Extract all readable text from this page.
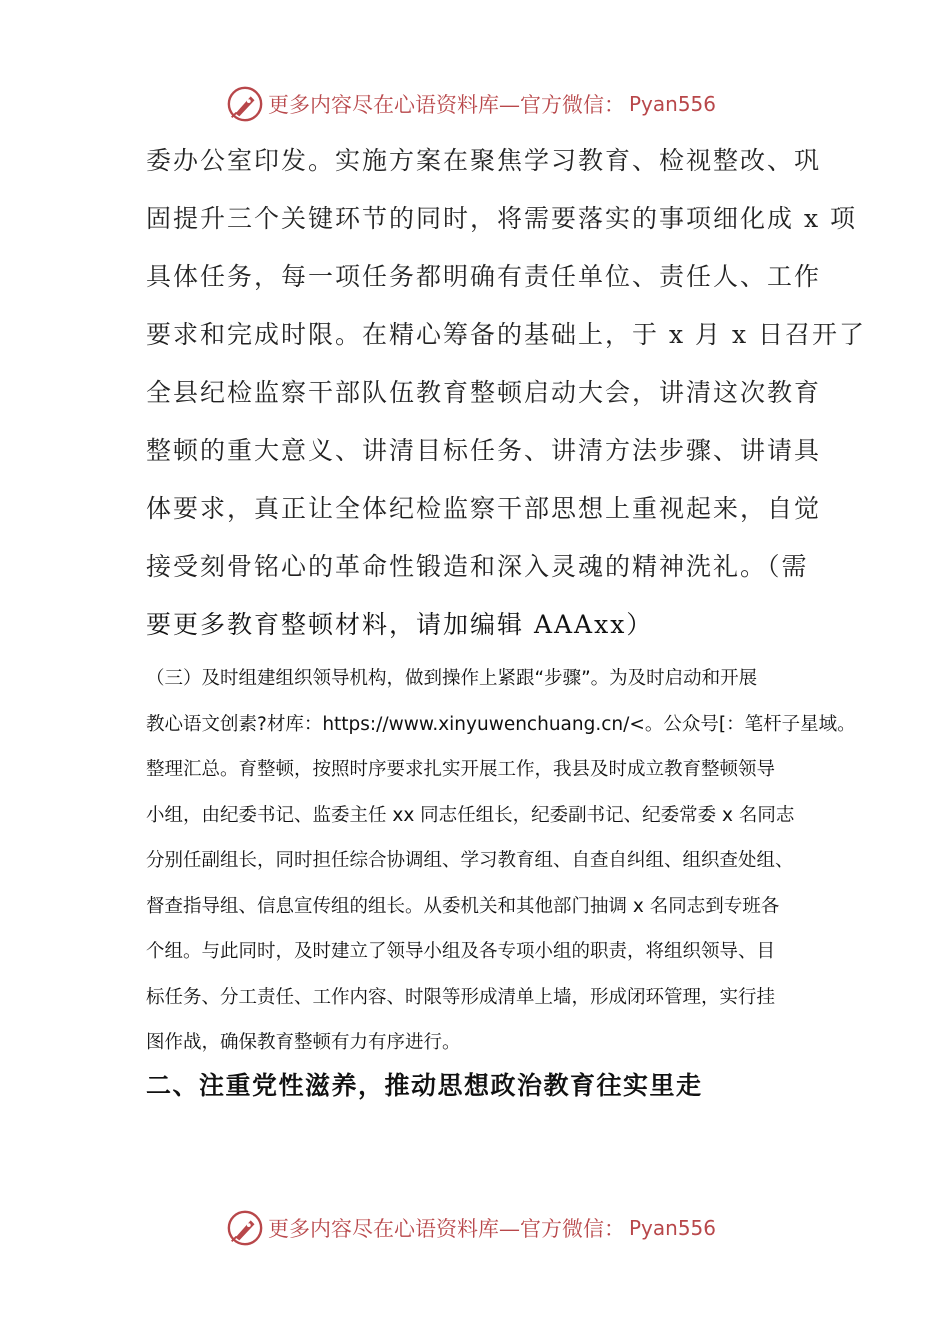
更多内容尽在心语资料库—官方微信： Pyan556
委办公室印发。实施方案在聚焦学习教育、检视整改、巩
固提升三个关键环节的同时，将需要落实的事项细化成 x 项
具体任务，每一项任务都明确有责任单位、责任人、工作
要求和完成时限。在精心筹备的基础上，于 x 月 x 日召开了
全县纪检监察干部队伍教育整顿启动大会，讲清这次教育
整顿的重大意义、讲清目标任务、讲清方法步骤、讲请具
体要求，真正让全体纪检监察干部思想上重视起来，自觉
接受刻骨铭心的革命性锻造和深入灵魂的精神洗礼。（需
要更多教育整顿材料，请加编辑 AAAxx）
（三）及时组建组织领导机构，做到操作上紧跟“步骤”。为及时启动和开展
教心语文创素?材库：https://www.xinyuwenchuang.cn/<。公众号[：笔杆子星域。
整理汇总。育整顿，按照时序要求扎实开展工作，我县及时成立教育整顿领导
小组，由纪委书记、监委主任 xx 同志任组长，纪委副书记、纪委常委 x 名同志
分别任副组长，同时担任综合协调组、学习教育组、自查自纠组、组织查处组、
督查指导组、信息宣传组的组长。从委机关和其他部门抽调 x 名同志到专班各
个组。与此同时，及时建立了领导小组及各专项小组的职责，将组织领导、目
标任务、分工责任、工作内容、时限等形成清单上墙，形成闭环管理，实行挂
图作战，确保教育整顿有力有序进行。
二、注重党性滋养，推动思想政治教育往实里走
更多内容尽在心语资料库—官方微信： Pyan556
